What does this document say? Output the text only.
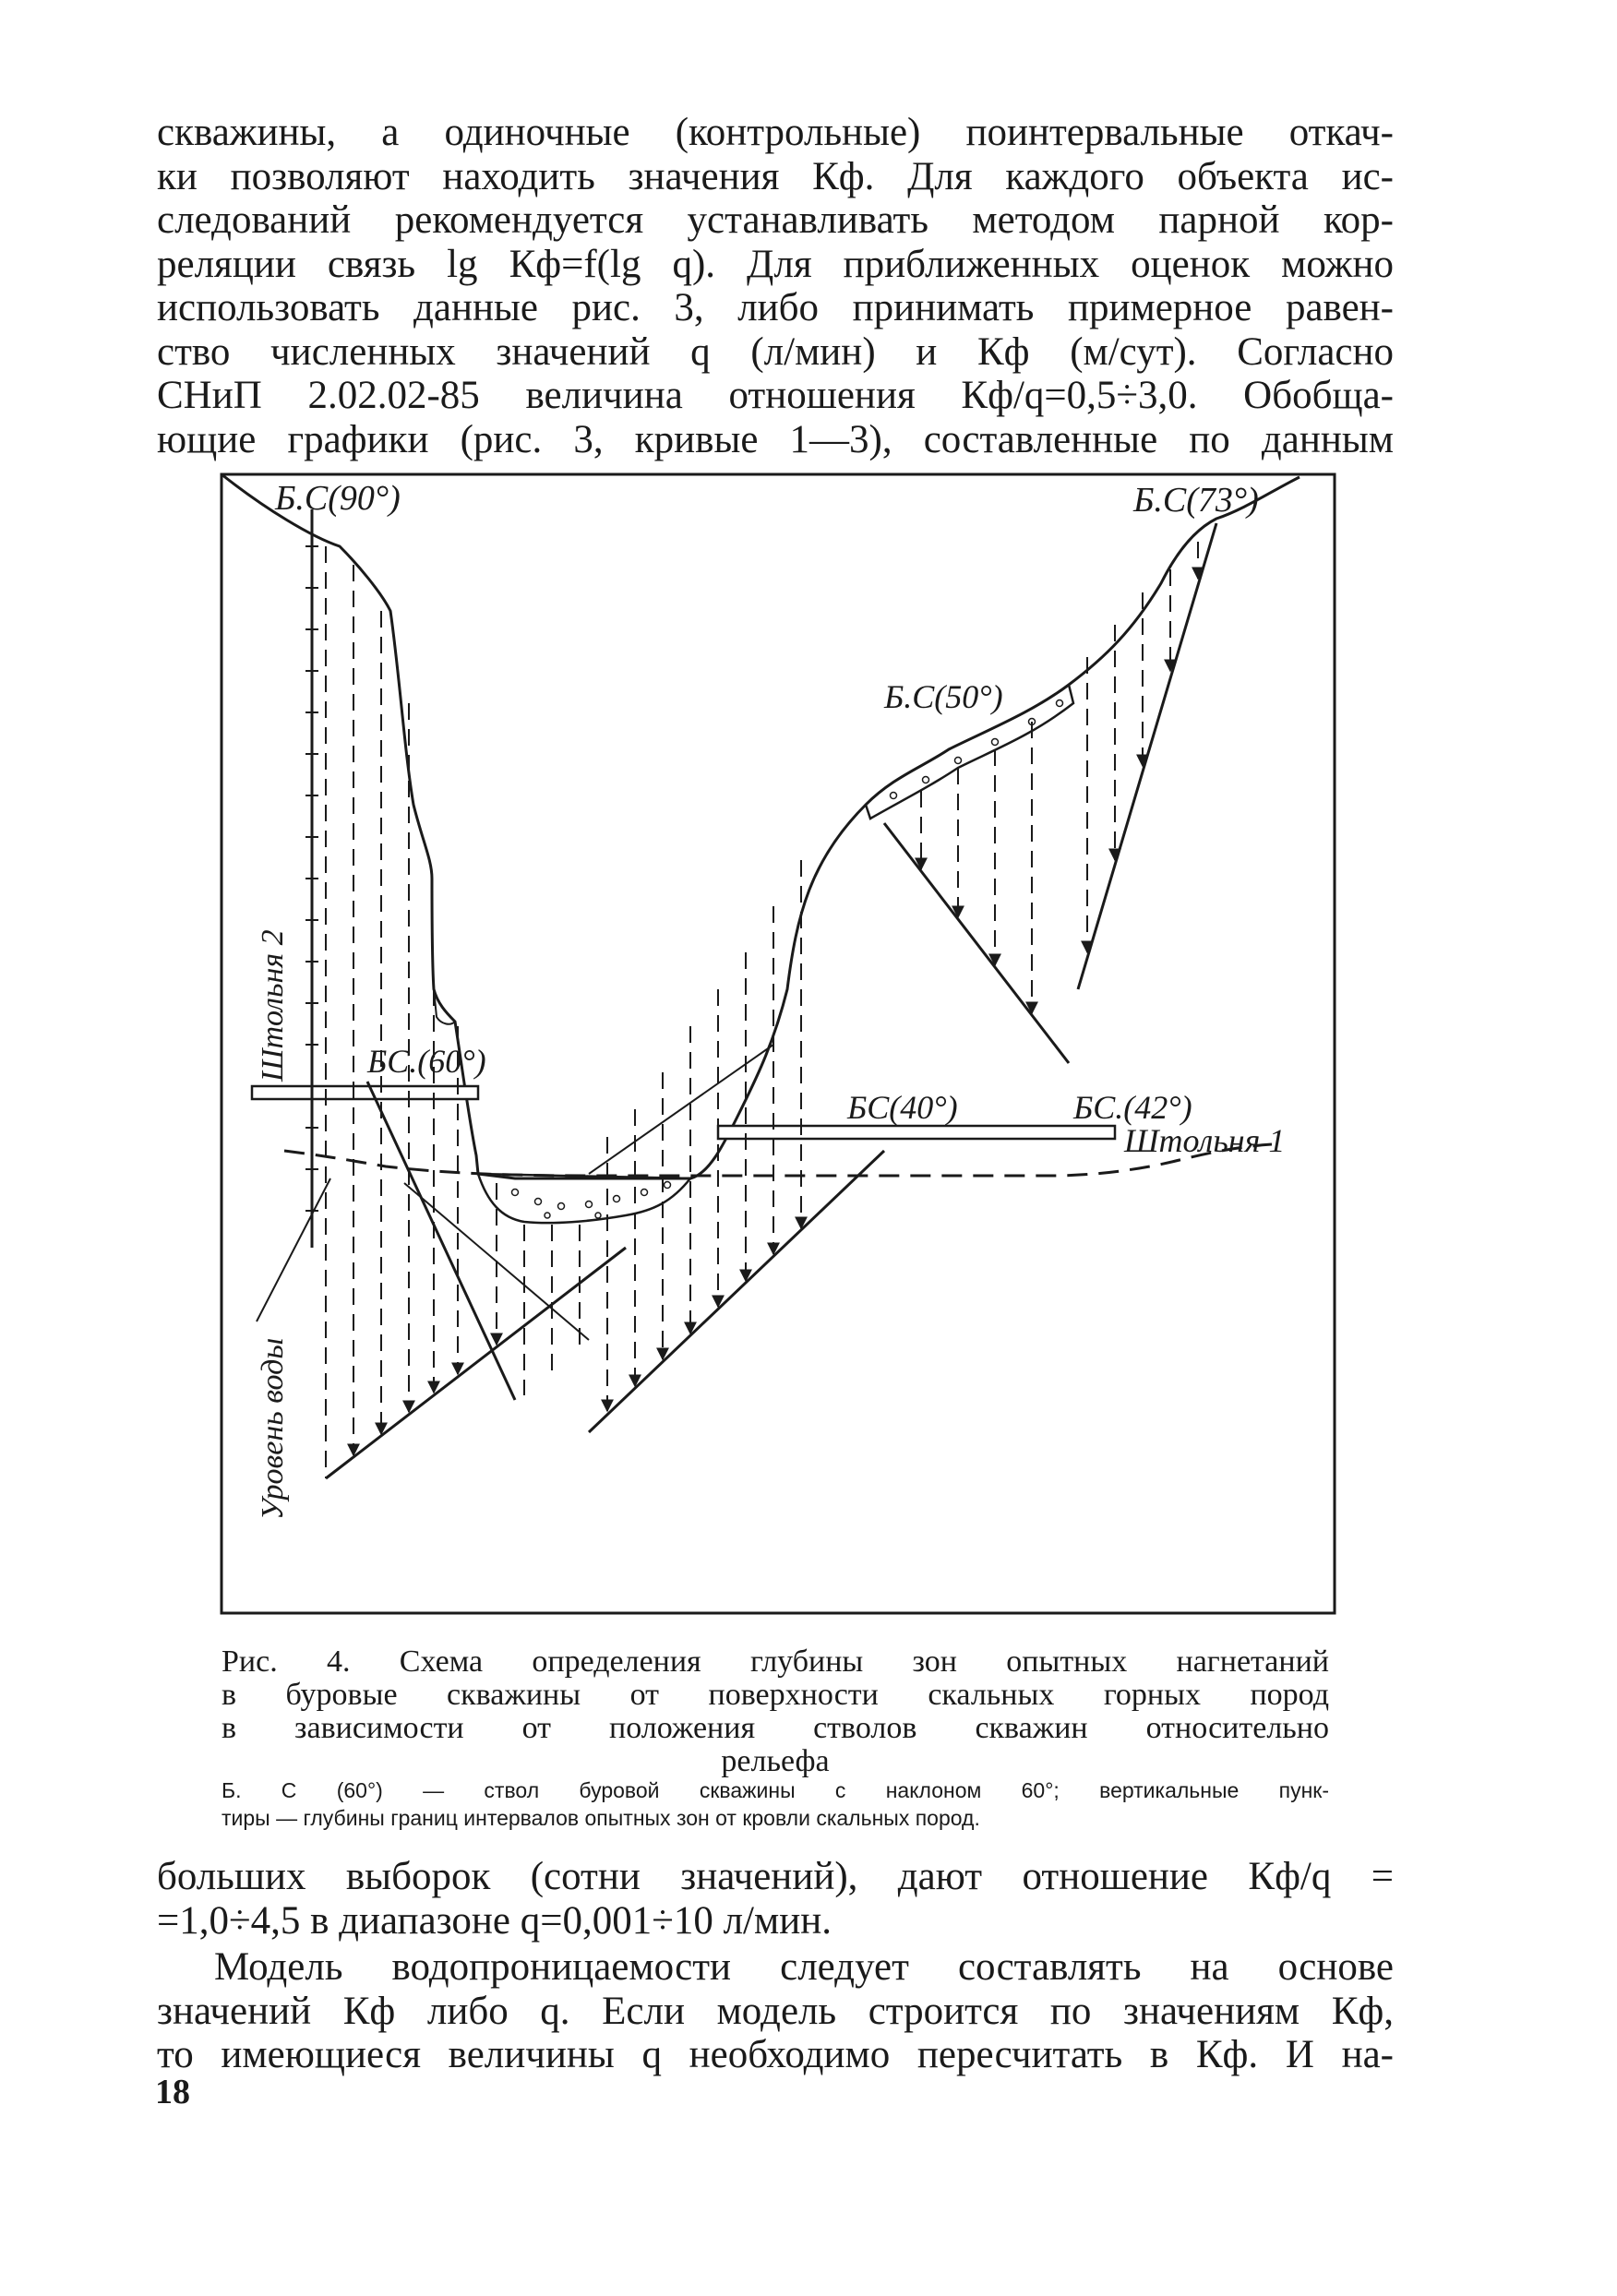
скважины, а одиночные (контрольные) поинтервальные откач-
ки позволяют находить значения Кф. Для каждого объекта ис-
следований рекомендуется устанавливать методом парной кор-
реляции связь lg Кф=f(lg q). Для приближенных оценок можно
использовать данные рис. 3, либо принимать примерное равен-
ство численных значений q (л/мин) и Кф (м/сут). Согласно
СНиП 2.02.02-85 величина отношения Кф/q=0,5÷3,0. Обобща-
ющие графики (рис. 3, кривые 1—3), составленные по данным
Б.С(90°)	Б.С(73°)
Б.С(50°)
БС.(60°)
БС(40°)	БС.(42°)
Штольня 1
Штольня 2
Уровень воды
Рис. 4. Схема определения глубины зон опытных нагнетаний
в буровые скважины от поверхности скальных горных пород
в зависимости от положения стволов скважин относительно
рельефа
Б. С (60°) — ствол буровой скважины с наклоном 60°; вертикальные пунк-
тиры — глубины границ интервалов опытных зон от кровли скальных пород.
больших выборок (сотни значений), дают отношение Кф/q =
=1,0÷4,5 в диапазоне q=0,001÷10 л/мин.
Модель водопроницаемости следует составлять на основе
значений Кф либо q. Если модель строится по значениям Кф,
то имеющиеся величины q необходимо пересчитать в Кф. И на-
18
